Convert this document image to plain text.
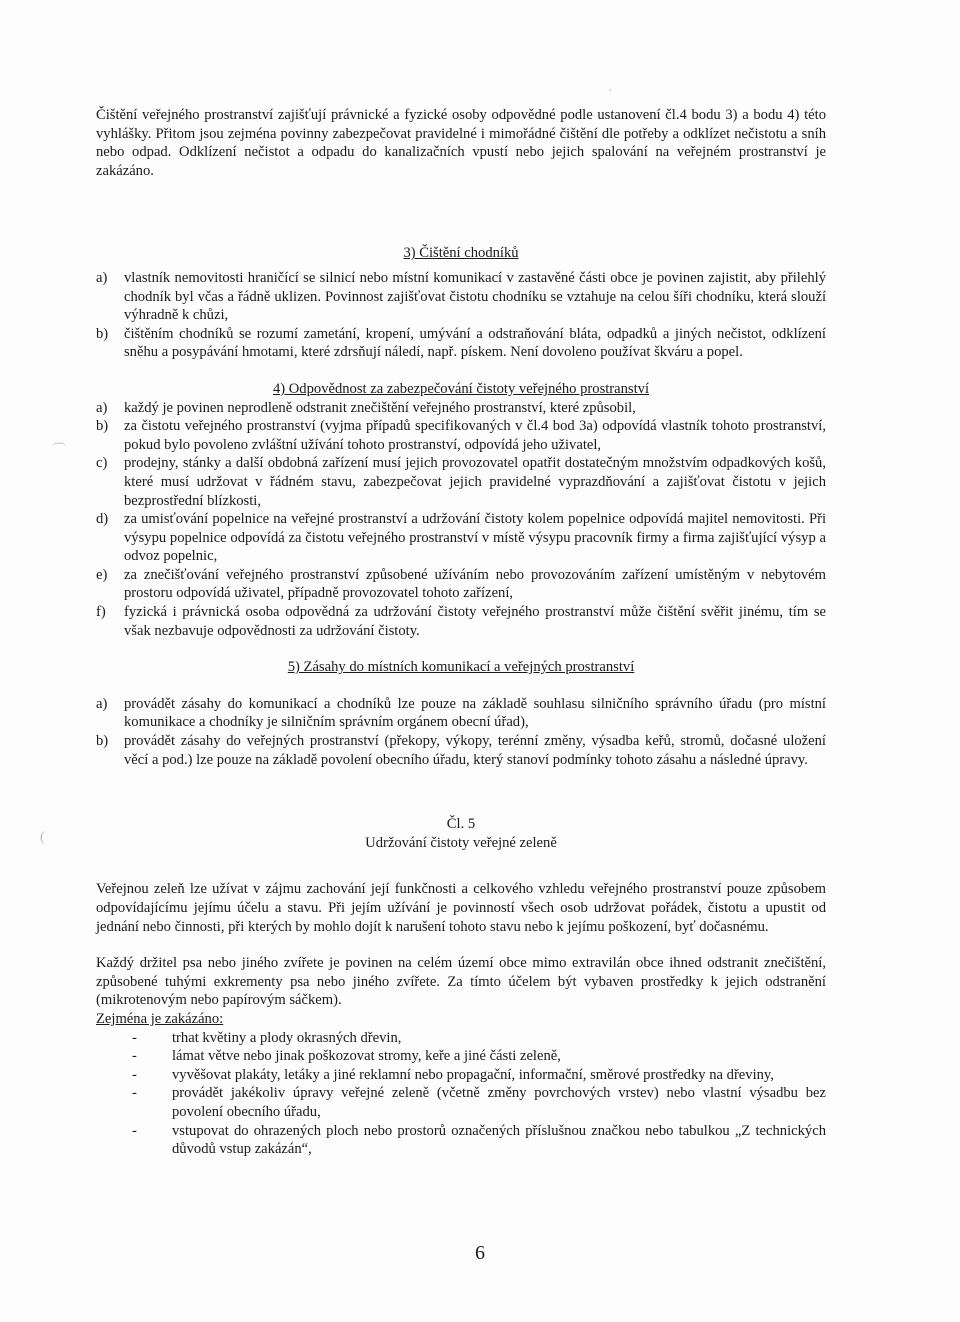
·
⌒
(

Čištění veřejného prostranství zajišťují právnické a fyzické osoby odpovědné podle ustanovení čl.4 bodu 3) a bodu 4) této vyhlášky. Přitom jsou zejména povinny zabezpečovat pravidelné i mimořádné čištění dle potřeby a odklízet nečistotu a sníh nebo odpad. Odklízení nečistot a odpadu do kanalizačních vpustí nebo jejich spalování na veřejném prostranství je zakázáno.

3) Čištění chodníků

a)	vlastník nemovitosti hraničící se silnicí nebo místní komunikací v zastavěné části obce je povinen zajistit, aby přilehlý chodník byl včas a řádně uklizen. Povinnost zajišťovat čistotu chodníku se vztahuje na celou šíři chodníku, která slouží výhradně k chůzi,
b)	čištěním chodníků se rozumí zametání, kropení, umývání a odstraňování bláta, odpadků a jiných nečistot, odklízení sněhu a posypávání hmotami, které zdrsňují náledí, např. pískem. Není dovoleno používat škváru a popel.

4) Odpovědnost za zabezpečování čistoty veřejného prostranství

a)	každý je povinen neprodleně odstranit znečištění veřejného prostranství, které způsobil,
b)	za čistotu veřejného prostranství (vyjma případů specifikovaných v čl.4 bod 3a) odpovídá vlastník tohoto prostranství, pokud bylo povoleno zvláštní užívání tohoto prostranství, odpovídá jeho uživatel,
c)	prodejny, stánky a další obdobná zařízení musí jejich provozovatel opatřit dostatečným množstvím odpadkových košů, které musí udržovat v řádném stavu, zabezpečovat jejich pravidelné vyprazdňování a zajišťovat čistotu v jejich bezprostřední blízkosti,
d)	za umisťování popelnice na veřejné prostranství a udržování čistoty kolem popelnice odpovídá majitel nemovitosti. Při výsypu popelnice odpovídá za čistotu veřejného prostranství v místě výsypu pracovník firmy a firma zajišťující výsyp a odvoz popelnic,
e)	za znečišťování veřejného prostranství způsobené užíváním nebo provozováním zařízení umístěným v nebytovém prostoru odpovídá uživatel, případně provozovatel tohoto zařízení,
f)	fyzická i právnická osoba odpovědná za udržování čistoty veřejného prostranství může čištění svěřit jinému, tím se však nezbavuje odpovědnosti za udržování čistoty.

5) Zásahy do místních komunikací a veřejných prostranství

a)	provádět zásahy do komunikací a chodníků lze pouze na základě souhlasu silničního správního úřadu (pro místní komunikace a chodníky je silničním správním orgánem obecní úřad),
b)	provádět zásahy do veřejných prostranství (překopy, výkopy, terénní změny, výsadba keřů, stromů, dočasné uložení věcí a pod.) lze pouze na základě povolení obecního úřadu, který stanoví podmínky tohoto zásahu a následné úpravy.

Čl. 5

Udržování čistoty veřejné zeleně

Veřejnou zeleň lze užívat v zájmu zachování její funkčnosti a celkového vzhledu veřejného prostranství pouze způsobem odpovídajícímu jejímu účelu a stavu. Při jejím užívání je povinností všech osob udržovat pořádek, čistotu a upustit od jednání nebo činnosti, při kterých by mohlo dojít k narušení tohoto stavu nebo k jejímu poškození, byť dočasnému.

Každý držitel psa nebo jiného zvířete je povinen na celém území obce mimo extravilán obce ihned odstranit znečištění, způsobené tuhými exkrementy psa nebo jiného zvířete. Za tímto účelem být vybaven prostředky k jejich odstranění (mikrotenovým nebo papírovým sáčkem).

Zejména je zakázáno:

-	trhat květiny a plody okrasných dřevin,
-	lámat větve nebo jinak poškozovat stromy, keře a jiné části zeleně,
-	vyvěšovat plakáty, letáky a jiné reklamní nebo propagační, informační, směrové prostředky na dřeviny,
-	provádět jakékoliv úpravy veřejné zeleně (včetně změny povrchových vrstev) nebo vlastní výsadbu bez povolení obecního úřadu,
-	vstupovat do ohrazených ploch nebo prostorů označených příslušnou značkou nebo tabulkou „Z technických důvodů vstup zakázán“,
6
